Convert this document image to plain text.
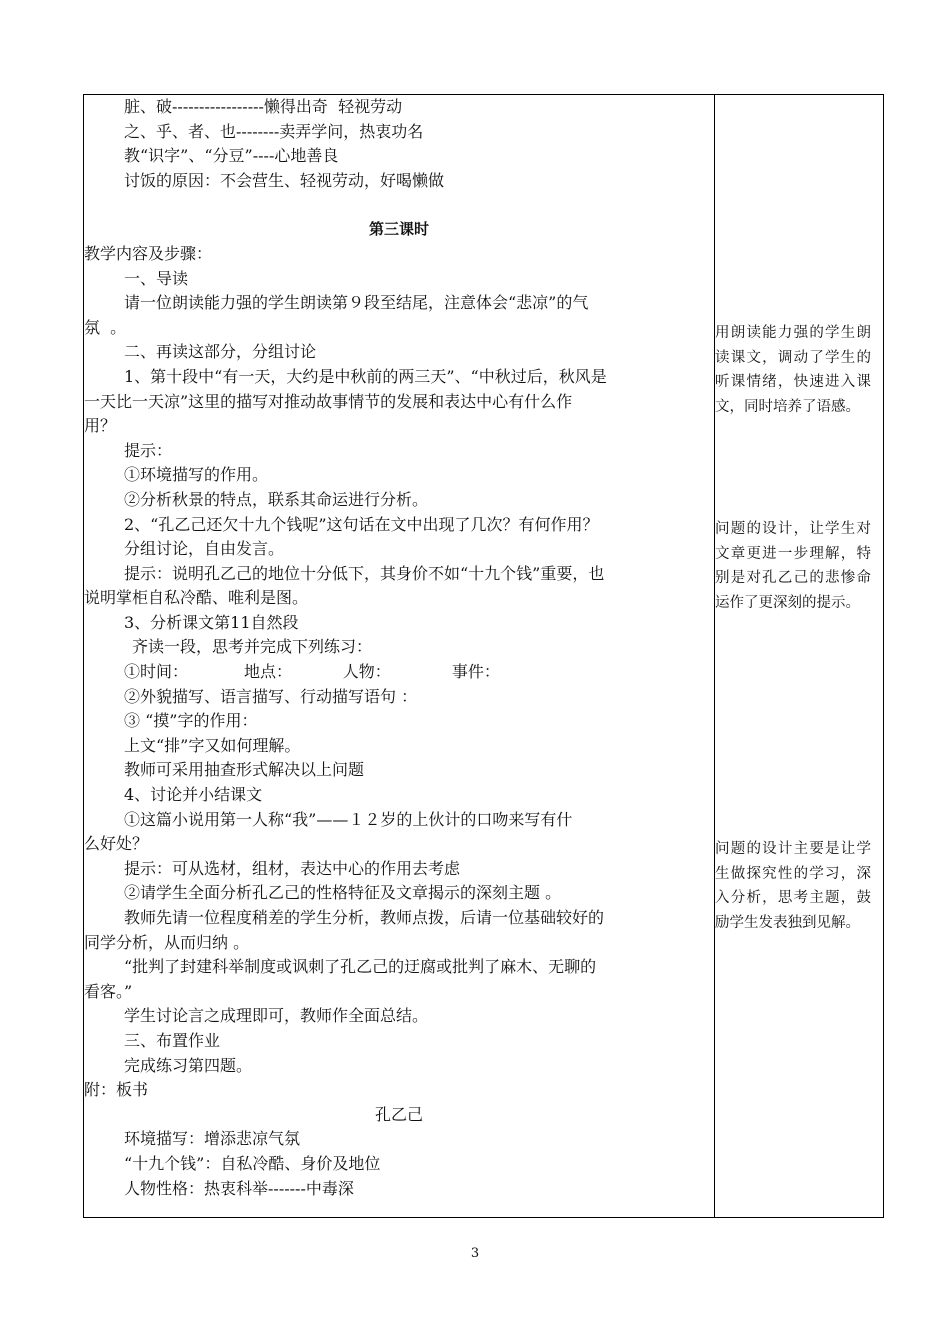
脏、破-----------------懒得出奇  轻视劳动
之、乎、者、也--------卖弄学问，热衷功名
教“识字”、“分豆”----心地善良
讨饭的原因：不会营生、轻视劳动，好喝懒做
第三课时
教学内容及步骤：
一、导读
请一位朗读能力强的学生朗读第９段至结尾，注意体会“悲凉”的气
氛  。
二、再读这部分，分组讨论
1、第十段中“有一天，大约是中秋前的两三天”、“中秋过后，秋风是
一天比一天凉”这里的描写对推动故事情节的发展和表达中心有什么作
用？
提示：
①环境描写的作用。
②分析秋景的特点，联系其命运进行分析。
2、“孔乙己还欠十九个钱呢”这句话在文中出现了几次？有何作用？
分组讨论，自由发言。
提示：说明孔乙己的地位十分低下，其身价不如“十九个钱”重要，也
说明掌柜自私冷酷、唯利是图。
3、分析课文第11自然段
齐读一段，思考并完成下列练习：
①时间：           地点：          人物：            事件：
②外貌描写、语言描写、行动描写语句 ：
③ “摸”字的作用：
上文“排”字又如何理解。
教师可采用抽查形式解决以上问题
4、讨论并小结课文
①这篇小说用第一人称“我”——１２岁的上伙计的口吻来写有什
么好处？
提示：可从选材，组材，表达中心的作用去考虑
②请学生全面分析孔乙己的性格特征及文章揭示的深刻主题 。
教师先请一位程度稍差的学生分析，教师点拨，后请一位基础较好的
同学分析，从而归纳 。
“批判了封建科举制度或讽刺了孔乙己的迂腐或批判了麻木、无聊的
看客。”
学生讨论言之成理即可，教师作全面总结。
三、布置作业
完成练习第四题。
附：板书
孔乙己
环境描写：增添悲凉气氛
“十九个钱”：自私冷酷、身价及地位
人物性格：热衷科举-------中毒深

用朗读能力强的学生朗读课文，调动了学生的听课情绪，快速进入课文，同时培养了语感。
问题的设计，让学生对文章更进一步理解，特别是对孔乙己的悲惨命运作了更深刻的提示。
问题的设计主要是让学生做探究性的学习，深入分析，思考主题，鼓励学生发表独到见解。
3
